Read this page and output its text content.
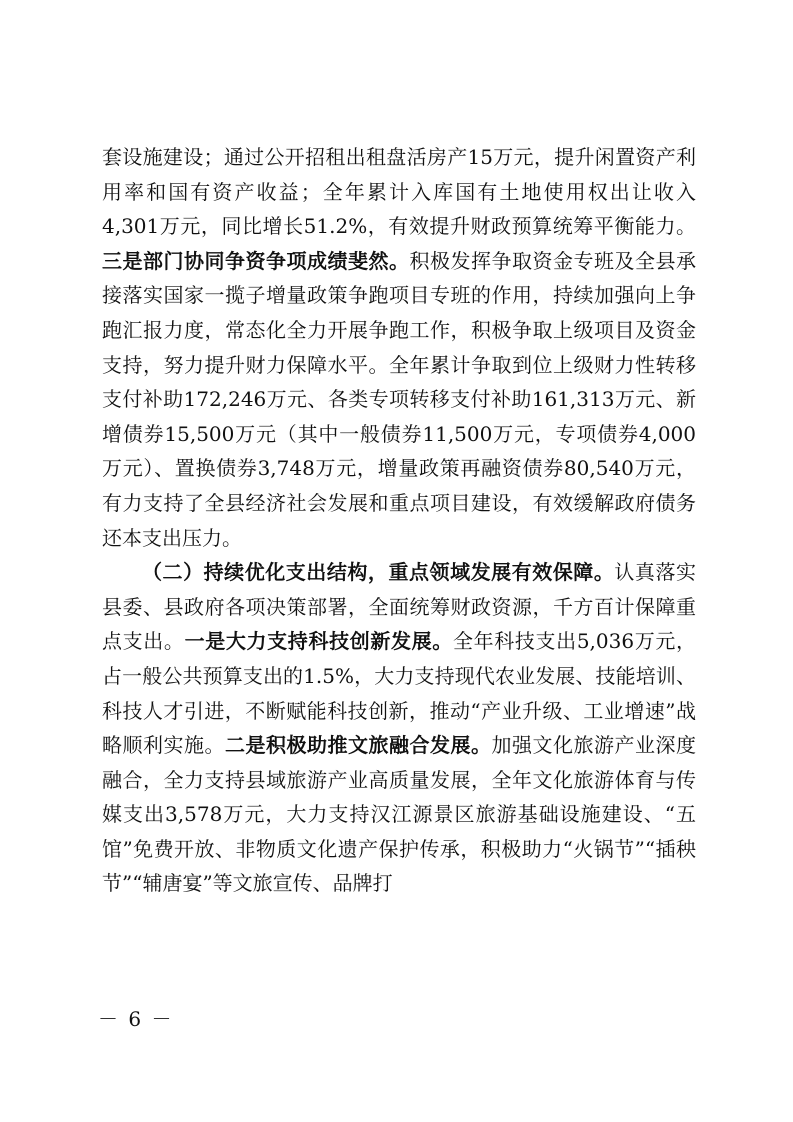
套设施建设；通过公开招租出租盘活房产15万元，提升闲置资产利用率和国有资产收益；全年累计入库国有土地使用权出让收入4,301万元，同比增长51.2%，有效提升财政预算统筹平衡能力。三是部门协同争资争项成绩斐然。积极发挥争取资金专班及全县承接落实国家一揽子增量政策争跑项目专班的作用，持续加强向上争跑汇报力度，常态化全力开展争跑工作，积极争取上级项目及资金支持，努力提升财力保障水平。全年累计争取到位上级财力性转移支付补助172,246万元、各类专项转移支付补助161,313万元、新增债券15,500万元（其中一般债券11,500万元，专项债券4,000万元）、置换债券3,748万元，增量政策再融资债券80,540万元，有力支持了全县经济社会发展和重点项目建设，有效缓解政府债务还本支出压力。

（二）持续优化支出结构，重点领域发展有效保障。认真落实县委、县政府各项决策部署，全面统筹财政资源，千方百计保障重点支出。一是大力支持科技创新发展。全年科技支出5,036万元，占一般公共预算支出的1.5%，大力支持现代农业发展、技能培训、科技人才引进，不断赋能科技创新，推动“产业升级、工业增速”战略顺利实施。二是积极助推文旅融合发展。加强文化旅游产业深度融合，全力支持县域旅游产业高质量发展，全年文化旅游体育与传媒支出3,578万元，大力支持汉江源景区旅游基础设施建设、“五馆”免费开放、非物质文化遗产保护传承，积极助力“火锅节”“插秧节”“辅唐宴”等文旅宣传、品牌打

－ 6 －
